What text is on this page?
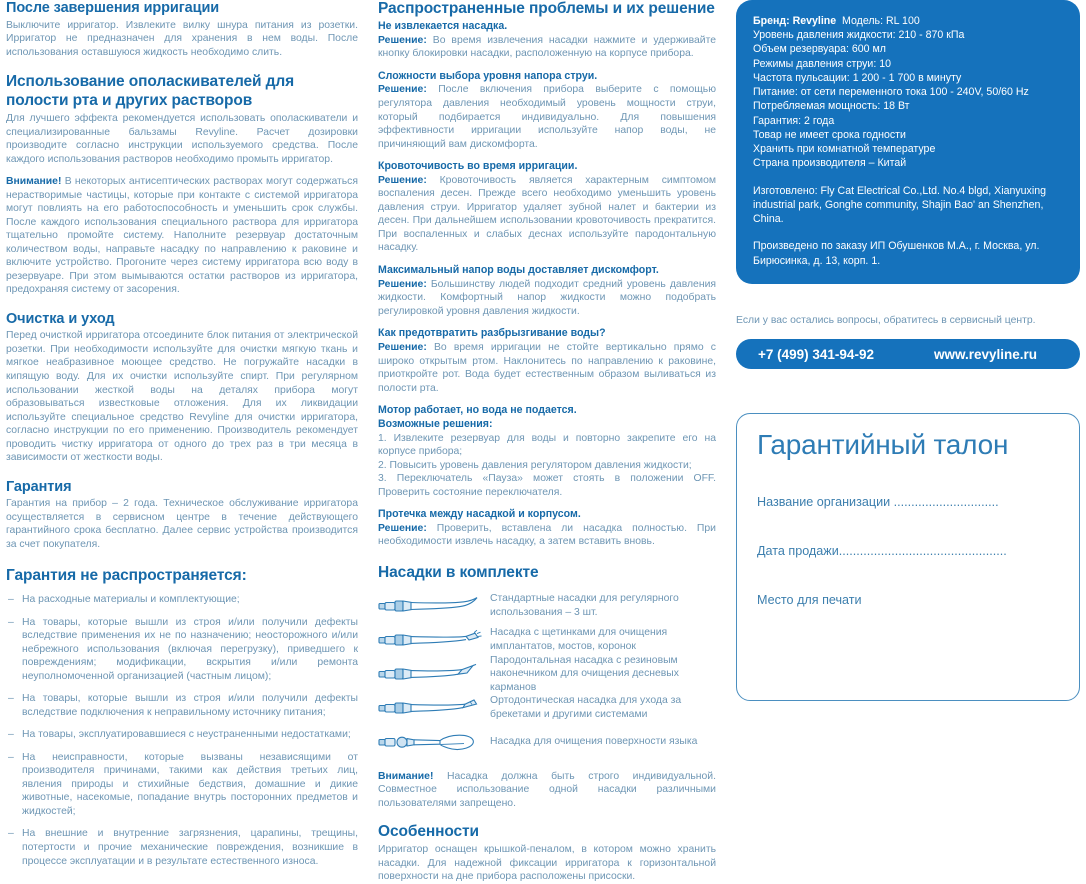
После завершения ирригации

Выключите ирригатор. Извлеките вилку шнура питания из розетки. Ирригатор не предназначен для хранения в нем воды. После использования оставшуюся жидкость необходимо слить.

Использование ополаскивателей для полости рта и других растворов

Для лучшего эффекта рекомендуется использовать ополаскиватели и специализированные бальзамы Revyline. Расчет дозировки производите согласно инструкции используемого средства. После каждого использования растворов необходимо промыть ирригатор.

Внимание! В некоторых антисептических растворах могут содержаться нерастворимые частицы, которые при контакте с системой ирригатора могут повлиять на его работоспособность и уменьшить срок службы. После каждого использования специального раствора для ирригатора тщательно промойте систему. Наполните резервуар достаточным количеством воды, направьте насадку по направлению к раковине и включите устройство. Прогоните через систему ирригатора всю воду в резервуаре. При этом вымываются остатки растворов из ирригатора, предохраняя систему от засорения.

Очистка и уход

Перед очисткой ирригатора отсоедините блок питания от электрической розетки. При необходимости используйте для очистки мягкую ткань и мягкое неабразивное моющее средство. Не погружайте насадки в кипящую воду. Для их очистки используйте спирт. При регулярном использовании жесткой воды на деталях прибора могут образовываться известковые отложения. Для их ликвидации используйте специальное средство Revyline для очистки ирригатора, согласно инструкции по его применению. Производитель рекомендует проводить чистку ирригатора от одного до трех раз в три месяца в зависимости от жесткости воды.

Гарантия

Гарантия на прибор – 2 года. Техническое обслуживание ирригатора осуществляется в сервисном центре в течение действующего гарантийного срока бесплатно. Далее сервис устройства производится за счет покупателя.

Гарантия не распространяется:
– На расходные материалы и комплектующие;
– На товары, которые вышли из строя и/или получили дефекты вследствие применения их не по назначению; неосторожного и/или небрежного использования (включая перегрузку), приведшего к повреждениям; модификации, вскрытия и/или ремонта неуполномоченной организацией (частным лицом);
– На товары, которые вышли из строя и/или получили дефекты вследствие подключения к неправильному источнику питания;
– На товары, эксплуатировавшиеся с неустраненными недостатками;
– На неисправности, которые вызваны независящими от производителя причинами, такими как действия третьих лиц, явления природы и стихийные бедствия, домашние и дикие животные, насекомые, попадание внутрь посторонних предметов и жидкостей;
– На внешние и внутренние загрязнения, царапины, трещины, потертости и прочие механические повреждения, возникшие в процессе эксплуатации и в результате естественного износа.
Распространенные проблемы и их решение
Не извлекается насадка.

Решение: Во время извлечения насадки нажмите и удерживайте кнопку блокировки насадки, расположенную на корпусе прибора.

Сложности выбора уровня напора струи.

Решение: После включения прибора выберите с помощью регулятора давления необходимый уровень мощности струи, который подбирается индивидуально. Для повышения эффективности ирригации используйте напор воды, не причиняющий вам дискомфорта.

Кровоточивость во время ирригации.

Решение: Кровоточивость является характерным симптомом воспаления десен. Прежде всего необходимо уменьшить уровень давления струи. Ирригатор удаляет зубной налет и бактерии из десен. При дальнейшем использовании кровоточивость прекратится. При воспаленных и слабых деснах используйте пародонтальную насадку.

Максимальный напор воды доставляет дискомфорт.

Решение: Большинству людей подходит средний уровень давления жидкости. Комфортный напор жидкости можно подобрать регулировкой уровня давления жидкости.

Как предотвратить разбрызгивание воды?

Решение: Во время ирригации не стойте вертикально прямо с широко открытым ртом. Наклонитесь по направлению к раковине, приоткройте рот. Вода будет естественным образом выливаться из полости рта.

Мотор работает, но вода не подается.
Возможные решения:

1. Извлеките резервуар для воды и повторно закрепите его на корпусе прибора;

2. Повысить уровень давления регулятором давления жидкости;

3. Переключатель «Пауза» может стоять в положении OFF. Проверить состояние переключателя.

Протечка между насадкой и корпусом.

Решение: Проверить, вставлена ли насадка полностью. При необходимости извлечь насадку, а затем вставить вновь.

Насадки в комплекте
Стандартные насадки для регулярного использования – 3 шт.
Насадка с щетинками для очищения имплантатов, мостов, коронок
Пародонтальная насадка с резиновым наконечником для очищения десневых карманов
Ортодонтическая насадка для ухода за брекетами и другими системами
Насадка для очищения поверхности языка

Внимание! Насадка должна быть строго индивидуальной. Совместное использование одной насадки различными пользователями запрещено.

Особенности

Ирригатор оснащен крышкой-пеналом, в котором можно хранить насадки. Для надежной фиксации ирригатора к горизонтальной поверхности на дне прибора расположены присоски.

Бренд: Revyline Модель: RL 100
Уровень давления жидкости: 210 - 870 кПа
Объем резервуара: 600 мл
Режимы давления струи: 10
Частота пульсации: 1 200 - 1 700 в минуту
Питание: от сети переменного тока 100 - 240V, 50/60 Hz
Потребляемая мощность: 18 Вт
Гарантия: 2 года
Товар не имеет срока годности
Хранить при комнатной температуре
Страна производителя – Китай
Изготовлено: Fly Cat Electrical Co.,Ltd. No.4 blgd, Xianyuxing industrial park, Gonghe community, Shajin Bao' an Shenzhen, China.
Произведено по заказу ИП Обушенков М.А., г. Москва, ул. Бирюсинка, д. 13, корп. 1.
Если у вас остались вопросы, обратитесь в сервисный центр.
+7 (499) 341-94-92	www.revyline.ru
Гарантийный талон
Название организации ..............................
Дата продажи................................................
Место для печати
